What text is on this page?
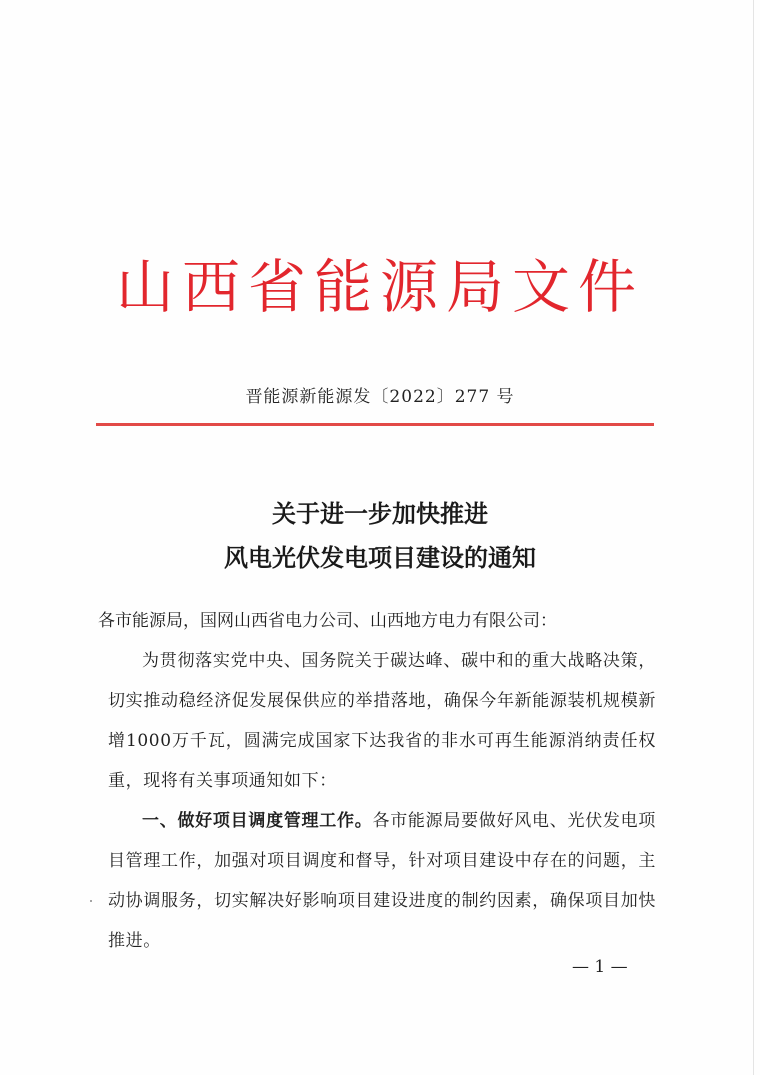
山西省能源局文件
晋能源新能源发〔2022〕277 号
关于进一步加快推进
风电光伏发电项目建设的通知
各市能源局，国网山西省电力公司、山西地方电力有限公司：
为贯彻落实党中央、国务院关于碳达峰、碳中和的重大战略决策，切实推动稳经济促发展保供应的举措落地，确保今年新能源装机规模新增1000万千瓦，圆满完成国家下达我省的非水可再生能源消纳责任权重，现将有关事项通知如下：
一、做好项目调度管理工作。各市能源局要做好风电、光伏发电项目管理工作，加强对项目调度和督导，针对项目建设中存在的问题，主动协调服务，切实解决好影响项目建设进度的制约因素，确保项目加快推进。
— 1 —
